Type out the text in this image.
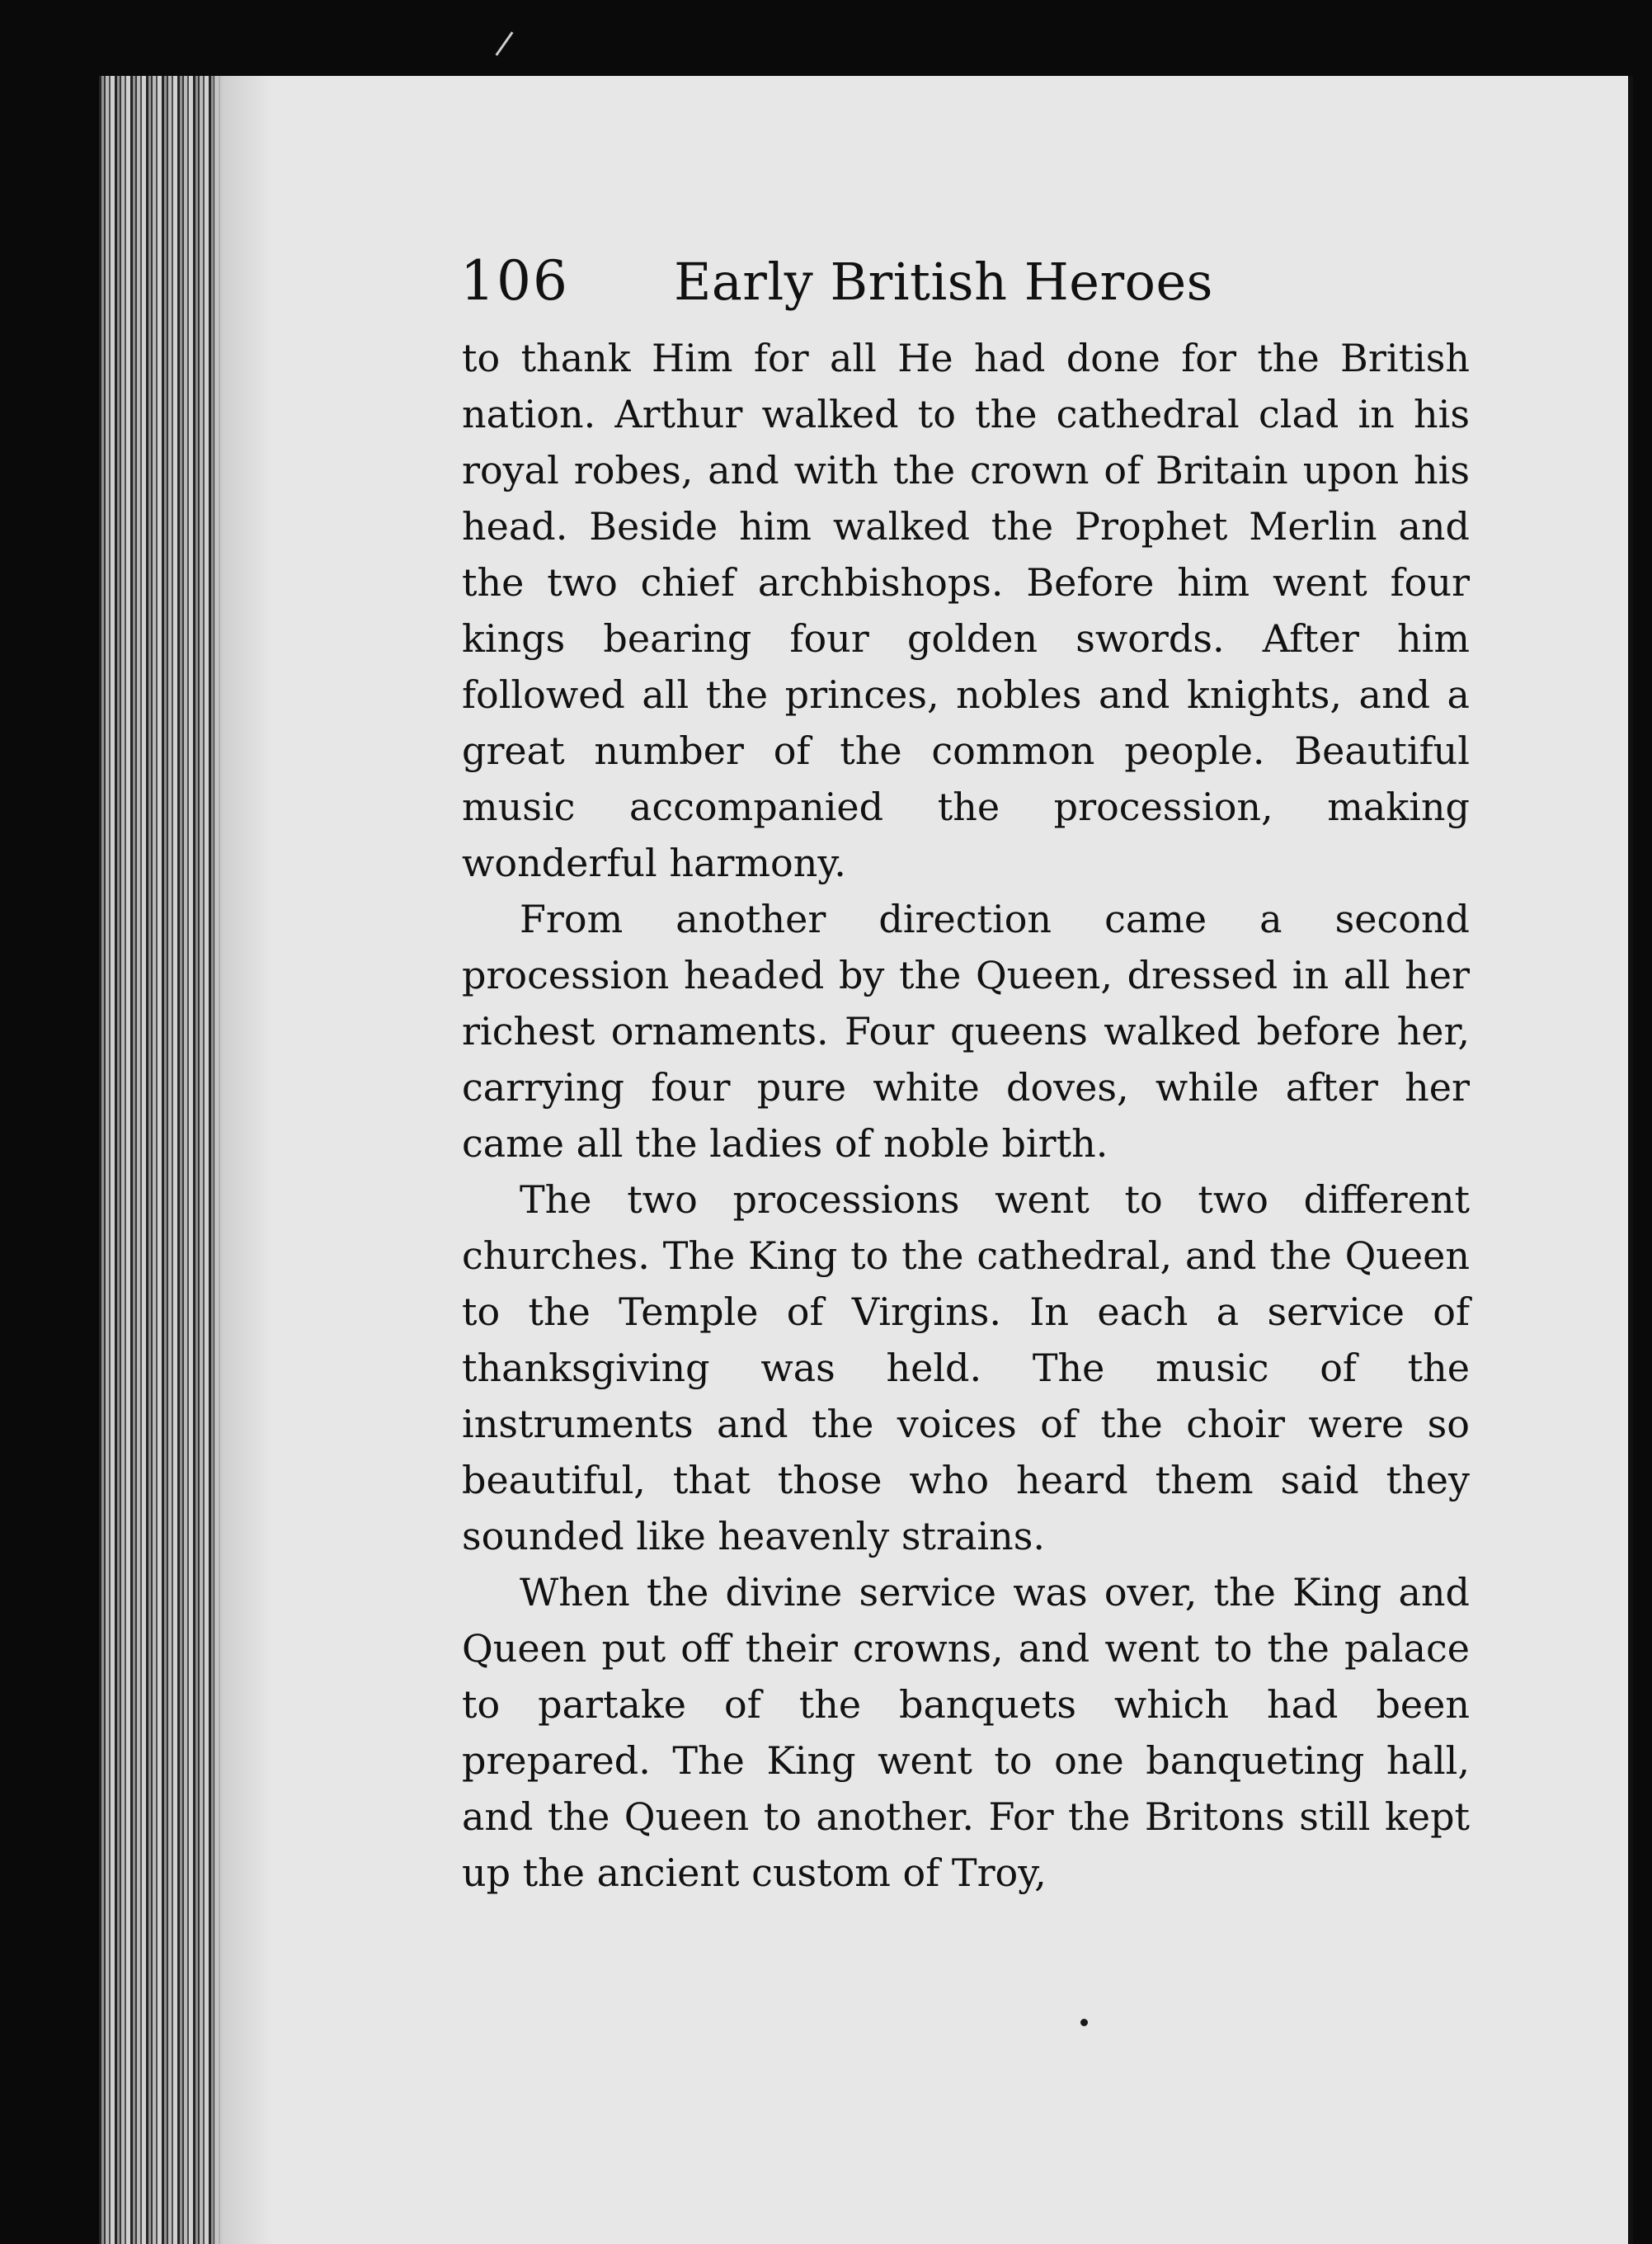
106 Early British Heroes

to thank Him for all He had done for the British nation. Arthur walked to the cathedral clad in his royal robes, and with the crown of Britain upon his head. Beside him walked the Prophet Merlin and the two chief archbishops. Before him went four kings bearing four golden swords. After him followed all the princes, nobles and knights, and a great number of the common people. Beautiful music accompanied the procession, making wonderful harmony.

From another direction came a second procession headed by the Queen, dressed in all her richest ornaments. Four queens walked before her, carrying four pure white doves, while after her came all the ladies of noble birth.

The two processions went to two different churches. The King to the cathedral, and the Queen to the Temple of Virgins. In each a service of thanksgiving was held. The music of the instruments and the voices of the choir were so beautiful, that those who heard them said they sounded like heavenly strains.

When the divine service was over, the King and Queen put off their crowns, and went to the palace to partake of the banquets which had been prepared. The King went to one banqueting hall, and the Queen to another. For the Britons still kept up the ancient custom of Troy,
